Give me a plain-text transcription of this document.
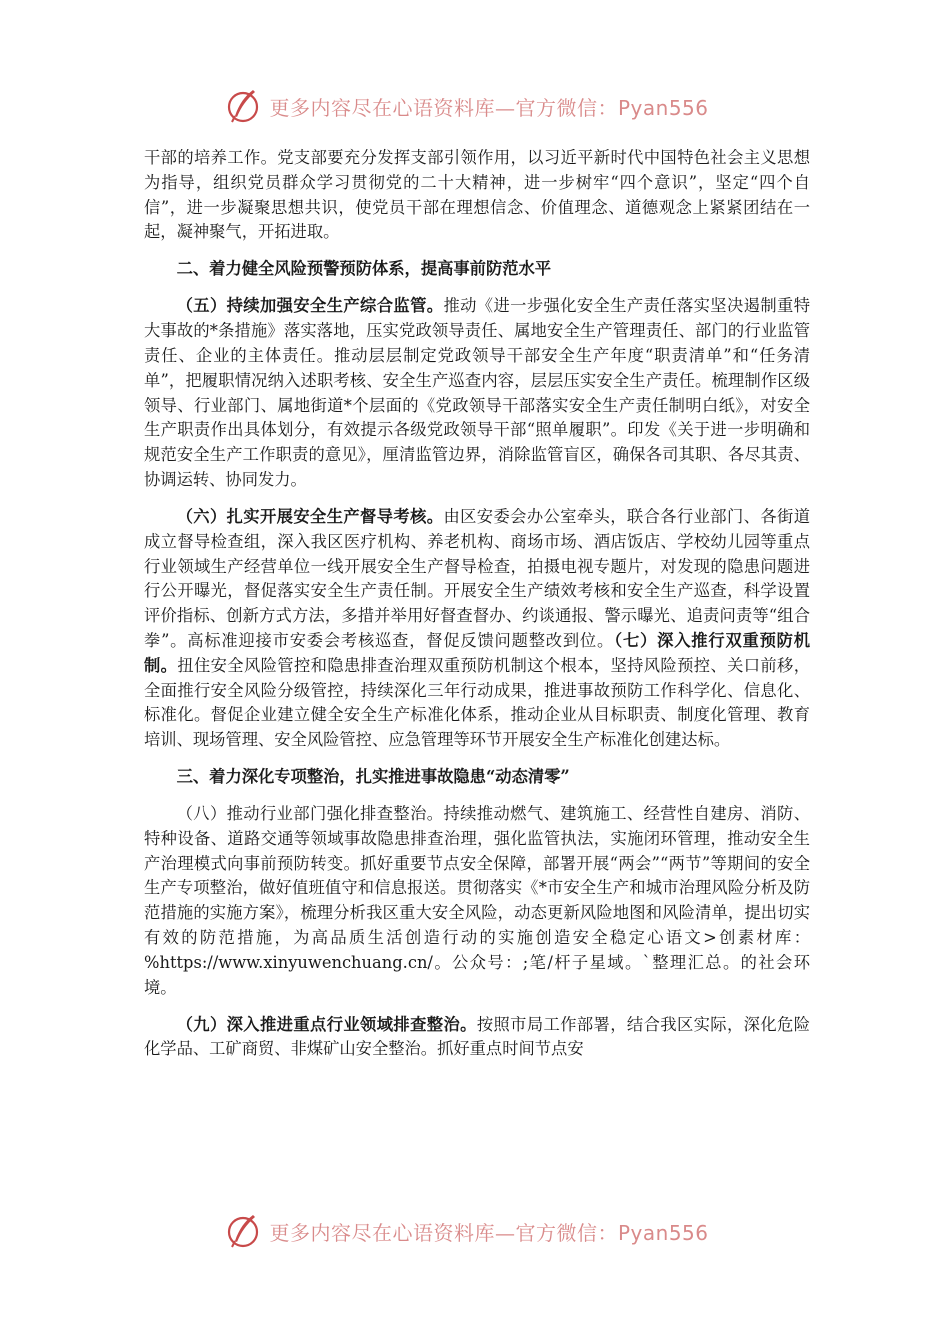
更多内容尽在心语资料库—官方微信：Pyan556

干部的培养工作。党支部要充分发挥支部引领作用，以习近平新时代中国特色社会主义思想为指导，组织党员群众学习贯彻党的二十大精神，进一步树牢“四个意识”，坚定“四个自信”，进一步凝聚思想共识，使党员干部在理想信念、价值理念、道德观念上紧紧团结在一起，凝神聚气，开拓进取。

二、着力健全风险预警预防体系，提高事前防范水平

（五）持续加强安全生产综合监管。推动《进一步强化安全生产责任落实坚决遏制重特大事故的*条措施》落实落地，压实党政领导责任、属地安全生产管理责任、部门的行业监管责任、企业的主体责任。推动层层制定党政领导干部安全生产年度“职责清单”和“任务清单”，把履职情况纳入述职考核、安全生产巡查内容，层层压实安全生产责任。梳理制作区级领导、行业部门、属地街道*个层面的《党政领导干部落实安全生产责任制明白纸》，对安全生产职责作出具体划分，有效提示各级党政领导干部“照单履职”。印发《关于进一步明确和规范安全生产工作职责的意见》，厘清监管边界，消除监管盲区，确保各司其职、各尽其责、协调运转、协同发力。

（六）扎实开展安全生产督导考核。由区安委会办公室牵头，联合各行业部门、各街道成立督导检查组，深入我区医疗机构、养老机构、商场市场、酒店饭店、学校幼儿园等重点行业领域生产经营单位一线开展安全生产督导检查，拍摄电视专题片，对发现的隐患问题进行公开曝光，督促落实安全生产责任制。开展安全生产绩效考核和安全生产巡查，科学设置评价指标、创新方式方法，多措并举用好督查督办、约谈通报、警示曝光、追责问责等“组合拳”。高标准迎接市安委会考核巡查，督促反馈问题整改到位。（七）深入推行双重预防机制。扭住安全风险管控和隐患排查治理双重预防机制这个根本，坚持风险预控、关口前移，全面推行安全风险分级管控，持续深化三年行动成果，推进事故预防工作科学化、信息化、标准化。督促企业建立健全安全生产标准化体系，推动企业从目标职责、制度化管理、教育培训、现场管理、安全风险管控、应急管理等环节开展安全生产标准化创建达标。

三、着力深化专项整治，扎实推进事故隐患“动态清零”

（八）推动行业部门强化排查整治。持续推动燃气、建筑施工、经营性自建房、消防、特种设备、道路交通等领域事故隐患排查治理，强化监管执法，实施闭环管理，推动安全生产治理模式向事前预防转变。抓好重要节点安全保障，部署开展“两会”“两节”等期间的安全生产专项整治，做好值班值守和信息报送。贯彻落实《*市安全生产和城市治理风险分析及防范措施的实施方案》，梳理分析我区重大安全风险，动态更新风险地图和风险清单，提出切实有效的防范措施，为高品质生活创造行动的实施创造安全稳定心语文>创素材库：%https://www.xinyuwenchuang.cn/。公众号：;笔/杆子星域。`整理汇总。的社会环境。

（九）深入推进重点行业领域排查整治。按照市局工作部署，结合我区实际，深化危险化学品、工矿商贸、非煤矿山安全整治。抓好重点时间节点安

更多内容尽在心语资料库—官方微信：Pyan556
